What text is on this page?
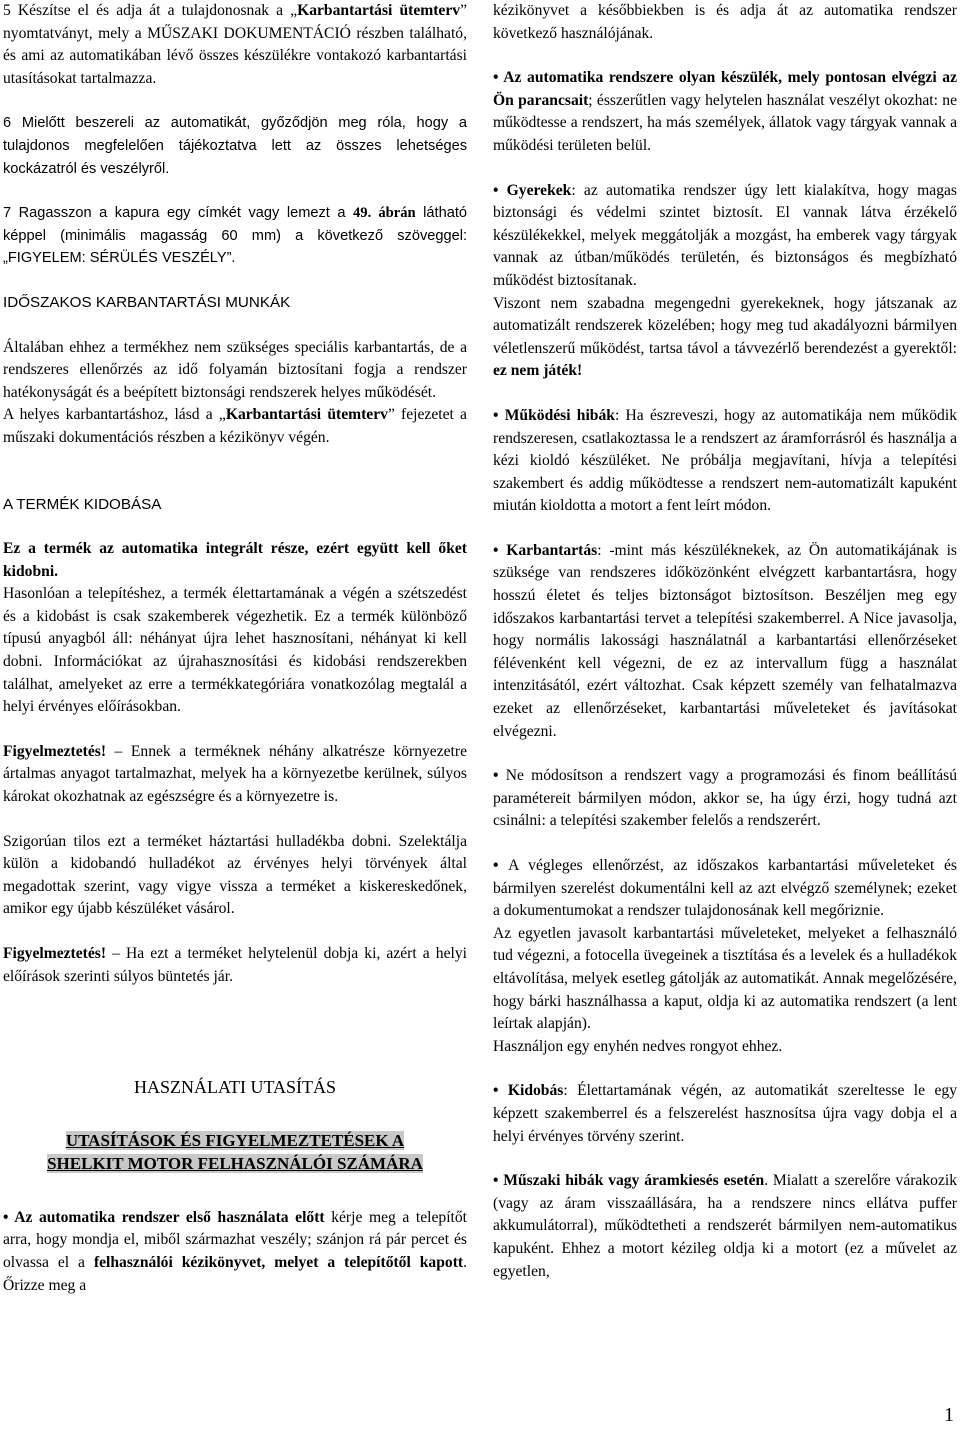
5 Készítse el és adja át a tulajdonosnak a „Karbantartási ütemterv” nyomtatványt, mely a MŰSZAKI DOKUMENTÁCIÓ részben található, és ami az automatikában lévő összes készülékre vontakozó karbantartási utasításokat tartalmazza.

6 Mielőtt beszereli az automatikát, győződjön meg róla, hogy a tulajdonos megfelelően tájékoztatva lett az összes lehetséges kockázatról és veszélyről.

7 Ragasszon a kapura egy címkét vagy lemezt a 49. ábrán látható képpel (minimális magasság 60 mm) a következő szöveggel: „FIGYELEM: SÉRÜLÉS VESZÉLY”.

IDŐSZAKOS KARBANTARTÁSI MUNKÁK

Általában ehhez a termékhez nem szükséges speciális karbantartás, de a rendszeres ellenőrzés az idő folyamán biztosítani fogja a rendszer hatékonyságát és a beépített biztonsági rendszerek helyes működését.

A helyes karbantartáshoz, lásd a „Karbantartási ütemterv” fejezetet a műszaki dokumentációs részben a kézikönyv végén.

A TERMÉK KIDOBÁSA

Ez a termék az automatika integrált része, ezért együtt kell őket kidobni.

Hasonlóan a telepítéshez, a termék élettartamának a végén a szétszedést és a kidobást is csak szakemberek végezhetik. Ez a termék különböző típusú anyagból áll: néhányat újra lehet hasznosítani, néhányat ki kell dobni. Információkat az újrahasznosítási és kidobási rendszerekben találhat, amelyeket az erre a termékkategóriára vonatkozólag megtalál a helyi érvényes előírásokban.

Figyelmeztetés! – Ennek a terméknek néhány alkatrésze környezetre ártalmas anyagot tartalmazhat, melyek ha a környezetbe kerülnek, súlyos károkat okozhatnak az egészségre és a környezetre is.

Szigorúan tilos ezt a terméket háztartási hulladékba dobni. Szelektálja külön a kidobandó hulladékot az érvényes helyi törvények által megadottak szerint, vagy vigye vissza a terméket a kiskereskedőnek, amikor egy újabb készüléket vásárol.

Figyelmeztetés! – Ha ezt a terméket helytelenül dobja ki, azért a helyi előírások szerinti súlyos büntetés jár.

HASZNÁLATI UTASÍTÁS
UTASÍTÁSOK ÉS FIGYELMEZTETÉSEK A
SHELKIT MOTOR FELHASZNÁLÓI SZÁMÁRA

• Az automatika rendszer első használata előtt kérje meg a telepítőt arra, hogy mondja el, miből származhat veszély; szánjon rá pár percet és olvassa el a felhasználói kézikönyvet, melyet a telepítőtől kapott. Őrizze meg a

kézikönyvet a későbbiekben is és adja át az automatika rendszer következő használójának.

• Az automatika rendszere olyan készülék, mely pontosan elvégzi az Ön parancsait; ésszerűtlen vagy helytelen használat veszélyt okozhat: ne működtesse a rendszert, ha más személyek, állatok vagy tárgyak vannak a működési területen belül.

• Gyerekek: az automatika rendszer úgy lett kialakítva, hogy magas biztonsági és védelmi szintet biztosít. El vannak látva érzékelő készülékekkel, melyek meggátolják a mozgást, ha emberek vagy tárgyak vannak az útban/működés területén, és biztonságos és megbízható működést biztosítanak.

Viszont nem szabadna megengedni gyerekeknek, hogy játszanak az automatizált rendszerek közelében; hogy meg tud akadályozni bármilyen véletlenszerű működést, tartsa távol a távvezérlő berendezést a gyerektől: ez nem játék!

• Működési hibák: Ha észreveszi, hogy az automatikája nem működik rendszeresen, csatlakoztassa le a rendszert az áramforrásról és használja a kézi kioldó készüléket. Ne próbálja megjavítani, hívja a telepítési szakembert és addig működtesse a rendszert nem-automatizált kapuként miután kioldotta a motort a fent leírt módon.

• Karbantartás: -mint más készüléknekek, az Ön automatikájának is szüksége van rendszeres időközönként elvégzett karbantartásra, hogy hosszú életet és teljes biztonságot biztosítson. Beszéljen meg egy időszakos karbantartási tervet a telepítési szakemberrel. A Nice javasolja, hogy normális lakossági használatnál a karbantartási ellenőrzéseket félévenként kell végezni, de ez az intervallum függ a használat intenzitásától, ezért változhat. Csak képzett személy van felhatalmazva ezeket az ellenőrzéseket, karbantartási műveleteket és javításokat elvégezni.

• Ne módosítson a rendszert vagy a programozási és finom beállítású paramétereit bármilyen módon, akkor se, ha úgy érzi, hogy tudná azt csinálni: a telepítési szakember felelős a rendszerért.

• A végleges ellenőrzést, az időszakos karbantartási műveleteket és bármilyen szerelést dokumentálni kell az azt elvégző személynek; ezeket a dokumentumokat a rendszer tulajdonosának kell megőriznie.

Az egyetlen javasolt karbantartási műveleteket, melyeket a felhasználó tud végezni, a fotocella üvegeinek a tisztítása és a levelek és a hulladékok eltávolítása, melyek esetleg gátolják az automatikát. Annak megelőzésére, hogy bárki használhassa a kaput, oldja ki az automatika rendszert (a lent leírtak alapján).

Használjon egy enyhén nedves rongyot ehhez.

• Kidobás: Élettartamának végén, az automatikát szereltesse le egy képzett szakemberrel és a felszerelést hasznosítsa újra vagy dobja el a helyi érvényes törvény szerint.

• Műszaki hibák vagy áramkiesés esetén. Mialatt a szerelőre várakozik (vagy az áram visszaállására, ha a rendszere nincs ellátva puffer akkumulátorral), működtetheti a rendszerét bármilyen nem-automatikus kapuként. Ehhez a motort kézileg oldja ki a motort (ez a művelet az egyetlen,

1
